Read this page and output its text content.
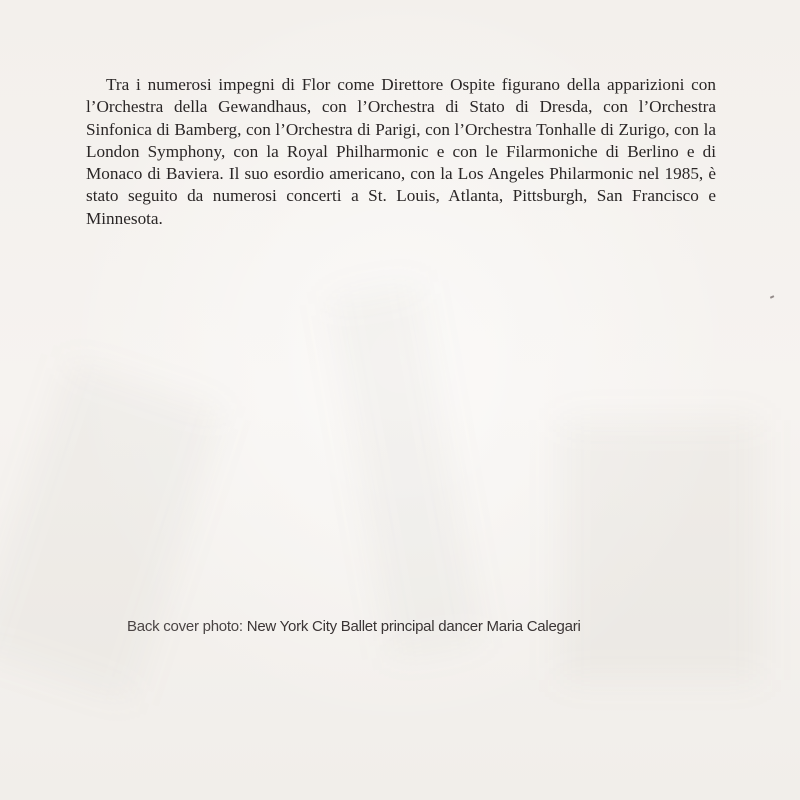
Tra i numerosi impegni di Flor come Direttore Ospite figurano della apparizioni con l’Orchestra della Gewandhaus, con l’Orchestra di Stato di Dresda, con l’Orchestra Sinfonica di Bamberg, con l’Orchestra di Parigi, con l’Orchestra Tonhalle di Zurigo, con la London Symphony, con la Royal Philharmonic e con le Filarmoniche di Berlino e di Monaco di Baviera. Il suo esordio americano, con la Los Angeles Philarmonic nel 1985, è stato seguito da numerosi concerti a St. Louis, Atlanta, Pittsburgh, San Francisco e Minnesota.

Back cover photo: New York City Ballet principal dancer Maria Calegari
